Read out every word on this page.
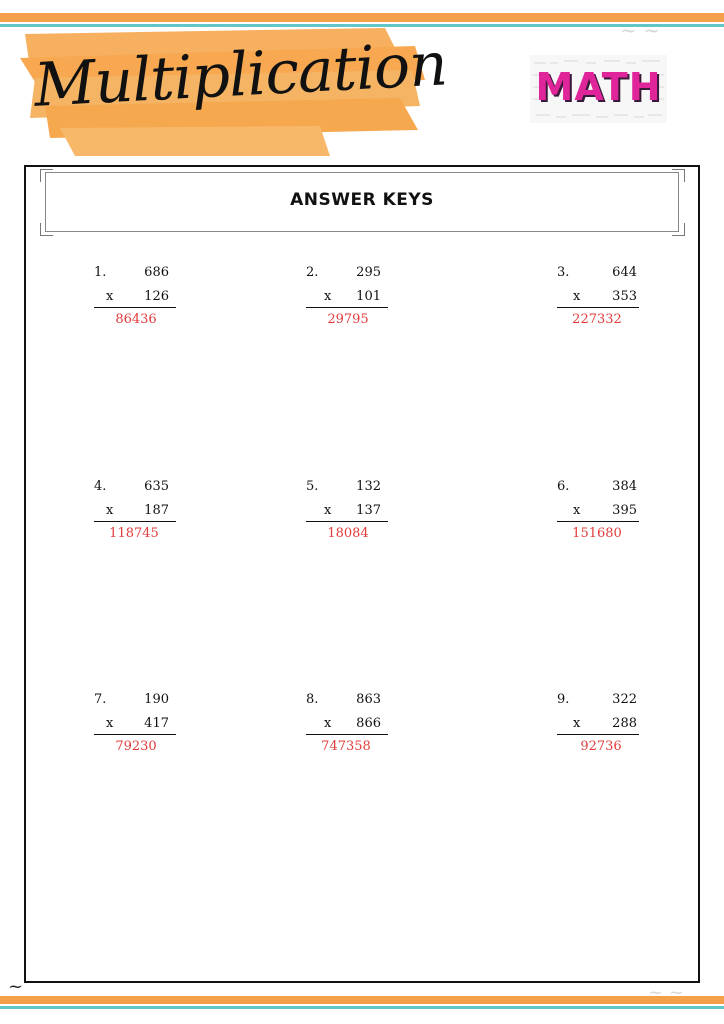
~ ~
Multiplication MATH
ANSWER KEYS
1.	686
x 126
86436
2.	295
x 101
29795
3.	644
x 353
227332
4.	635
x 187
118745
5.	132
x 137
18084
6.	384
x 395
151680
7.	190
x 417
79230
8.	863
x 866
747358
9.	322
x 288
92736
~	~ ~
